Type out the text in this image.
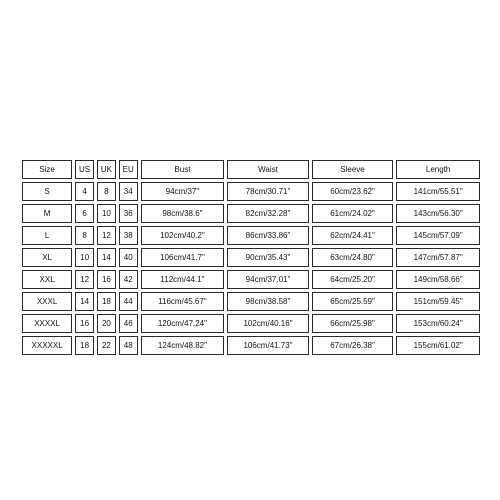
Size	US	UK	EU	Bust	Waist	Sleeve	Length
S	4	8	34	94cm/37"	78cm/30.71"	60cm/23.62"	141cm/55.51"
M	6	10	36	98cm/38.6"	82cm/32.28"	61cm/24.02"	143cm/56.30"
L	8	12	38	102cm/40.2"	86cm/33.86"	62cm/24.41"	145cm/57.09"
XL	10	14	40	106cm/41.7"	90cm/35.43"	63cm/24.80"	147cm/57.87"
XXL	12	16	42	112cm/44.1"	94cm/37.01"	64cm/25.20"	149cm/58.66"
XXXL	14	18	44	116cm/45.67"	98cm/38.58"	65cm/25.59"	151cm/59.45"
XXXXL	16	20	46	120cm/47.24"	102cm/40.16"	66cm/25.98"	153cm/60.24"
XXXXXL	18	22	48	124cm/48.82"	106cm/41.73"	67cm/26.38"	155cm/61.02"
